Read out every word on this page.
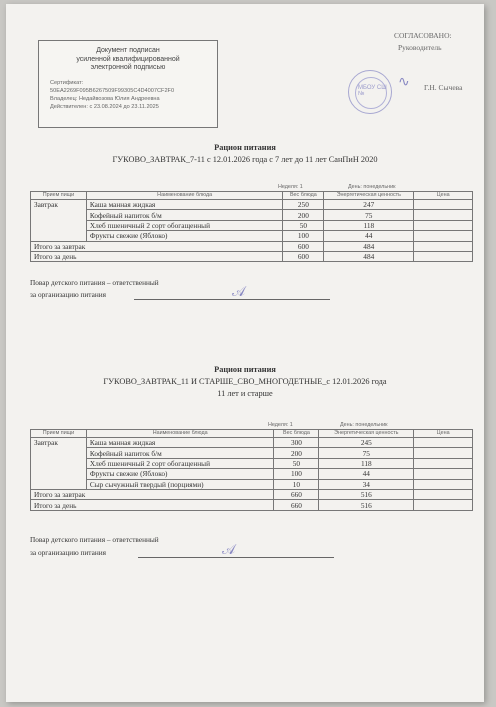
Документ подписан
усиленной квалифицированной
электронной подписью
Сертификат:
50EA2269F095B6267509F99305C4D4007CF2F0
Владелец: Недайвозова Юлия Андреевна
Действителен: с 23.08.2024 до 23.11.2025
СОГЛАСОВАНО:
Руководитель
Г.Н. Сычева
МБОУ СШ №
∿
Рацион питания
ГУКОВО_ЗАВТРАК_7-11 с 12.01.2026 года с 7 лет до 11 лет СанПиН 2020
Неделя: 1	День: понедельник
Прием пищи	Наименование блюда	Вес блюда	Энергетическая ценность	Цена
Завтрак	Каша манная жидкая	250	247	
	Кофейный напиток б/м	200	75	
	Хлеб пшеничный 2 сорт обогащенный	50	118	
	Фрукты свежие (Яблоко)	100	44	
Итого за завтрак		600	484	
Итого за день		600	484	
Повар детского питания – ответственный
за организацию питания	𝒜
Рацион питания
ГУКОВО_ЗАВТРАК_11 И СТАРШЕ_СВО_МНОГОДЕТНЫЕ_с 12.01.2026 года
11 лет и старше
Неделя: 1	День: понедельник
Прием пищи	Наименование блюда	Вес блюда	Энергетическая ценность	Цена
Завтрак	Каша манная жидкая	300	245	
	Кофейный напиток б/м	200	75	
	Хлеб пшеничный 2 сорт обогащенный	50	118	
	Фрукты свежие (Яблоко)	100	44	
	Сыр сычужный твердый (порциями)	10	34	
Итого за завтрак		660	516	
Итого за день		660	516	
Повар детского питания – ответственный
за организацию питания	𝒜
